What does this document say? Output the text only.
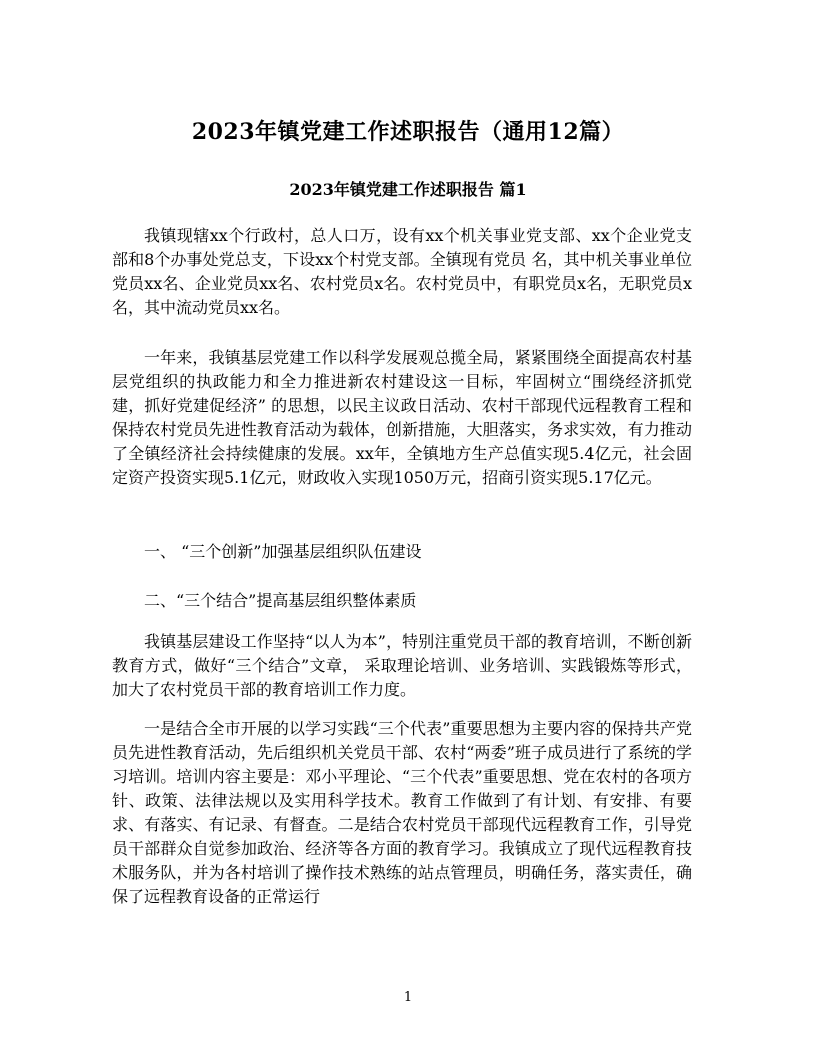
2023年镇党建工作述职报告（通用12篇）
2023年镇党建工作述职报告 篇1

我镇现辖xx个行政村，总人口万，设有xx个机关事业党支部、xx个企业党支部和8个办事处党总支，下设xx个村党支部。全镇现有党员 名，其中机关事业单位党员xx名、企业党员xx名、农村党员x名。农村党员中，有职党员x名，无职党员x名，其中流动党员xx名。

一年来，我镇基层党建工作以科学发展观总揽全局，紧紧围绕全面提高农村基层党组织的执政能力和全力推进新农村建设这一目标，牢固树立“围绕经济抓党建，抓好党建促经济” 的思想，以民主议政日活动、农村干部现代远程教育工程和保持农村党员先进性教育活动为载体，创新措施，大胆落实，务求实效，有力推动了全镇经济社会持续健康的发展。xx年，全镇地方生产总值实现5.4亿元，社会固定资产投资实现5.1亿元，财政收入实现1050万元，招商引资实现5.17亿元。

一、 “三个创新”加强基层组织队伍建设

二、“三个结合”提高基层组织整体素质

我镇基层建设工作坚持“以人为本”，特别注重党员干部的教育培训，不断创新教育方式，做好“三个结合”文章， 采取理论培训、业务培训、实践锻炼等形式，加大了农村党员干部的教育培训工作力度。

一是结合全市开展的以学习实践“三个代表”重要思想为主要内容的保持共产党员先进性教育活动，先后组织机关党员干部、农村“两委”班子成员进行了系统的学习培训。培训内容主要是：邓小平理论、“三个代表”重要思想、党在农村的各项方针、政策、法律法规以及实用科学技术。教育工作做到了有计划、有安排、有要求、有落实、有记录、有督查。二是结合农村党员干部现代远程教育工作，引导党员干部群众自觉参加政治、经济等各方面的教育学习。我镇成立了现代远程教育技术服务队，并为各村培训了操作技术熟练的站点管理员，明确任务，落实责任，确保了远程教育设备的正常运行

1
